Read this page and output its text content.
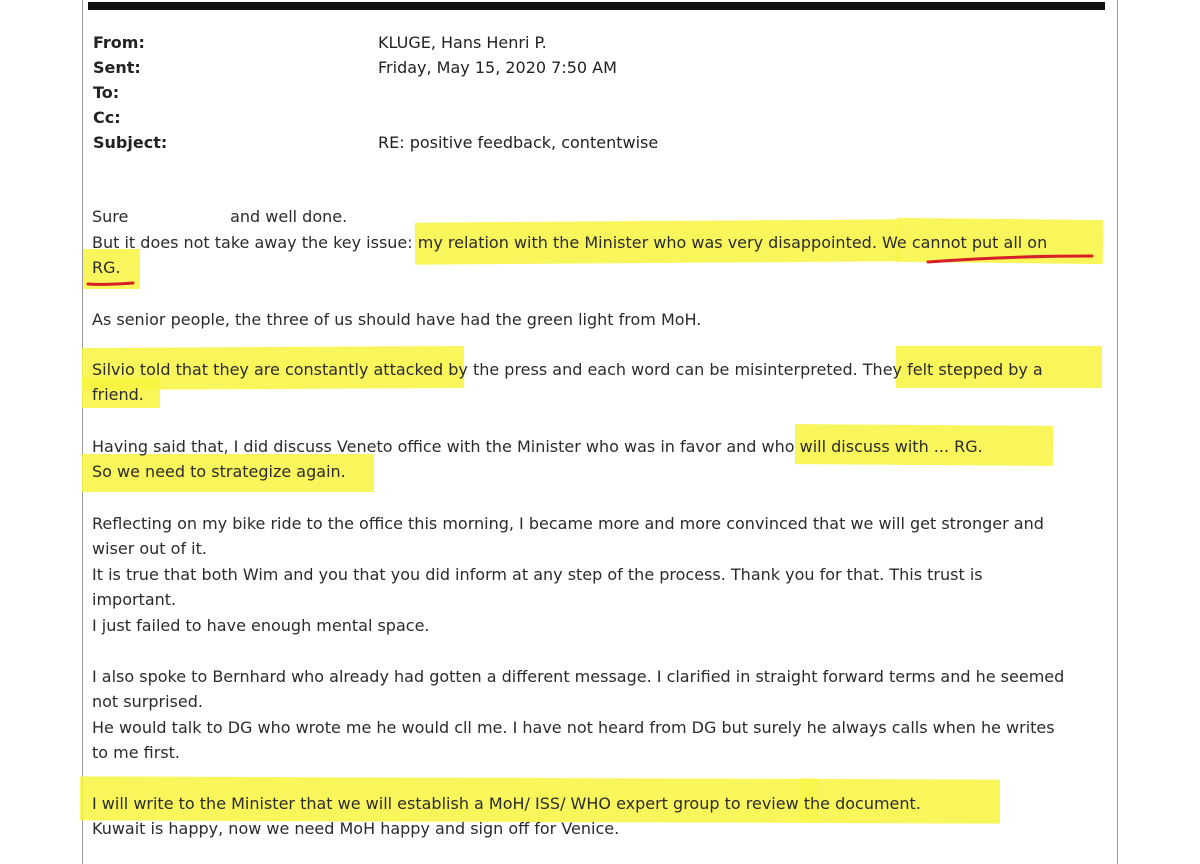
From:	KLUGE, Hans Henri P.
Sent:	Friday, May 15, 2020 7:50 AM
To:
Cc:
Subject:	RE: positive feedback, contentwise
Sure                    and well done.
But it does not take away the key issue: my relation with the Minister who was very disappointed. We cannot put all on
RG.
As senior people, the three of us should have had the green light from MoH.
Silvio told that they are constantly attacked by the press and each word can be misinterpreted. They felt stepped by a
friend.
Having said that, I did discuss Veneto office with the Minister who was in favor and who will discuss with ... RG.
So we need to strategize again.
Reflecting on my bike ride to the office this morning, I became more and more convinced that we will get stronger and
wiser out of it.
It is true that both Wim and you that you did inform at any step of the process. Thank you for that. This trust is
important.
I just failed to have enough mental space.
I also spoke to Bernhard who already had gotten a different message. I clarified in straight forward terms and he seemed
not surprised.
He would talk to DG who wrote me he would cll me. I have not heard from DG but surely he always calls when he writes
to me first.
I will write to the Minister that we will establish a MoH/ ISS/ WHO expert group to review the document.
Kuwait is happy, now we need MoH happy and sign off for Venice.
